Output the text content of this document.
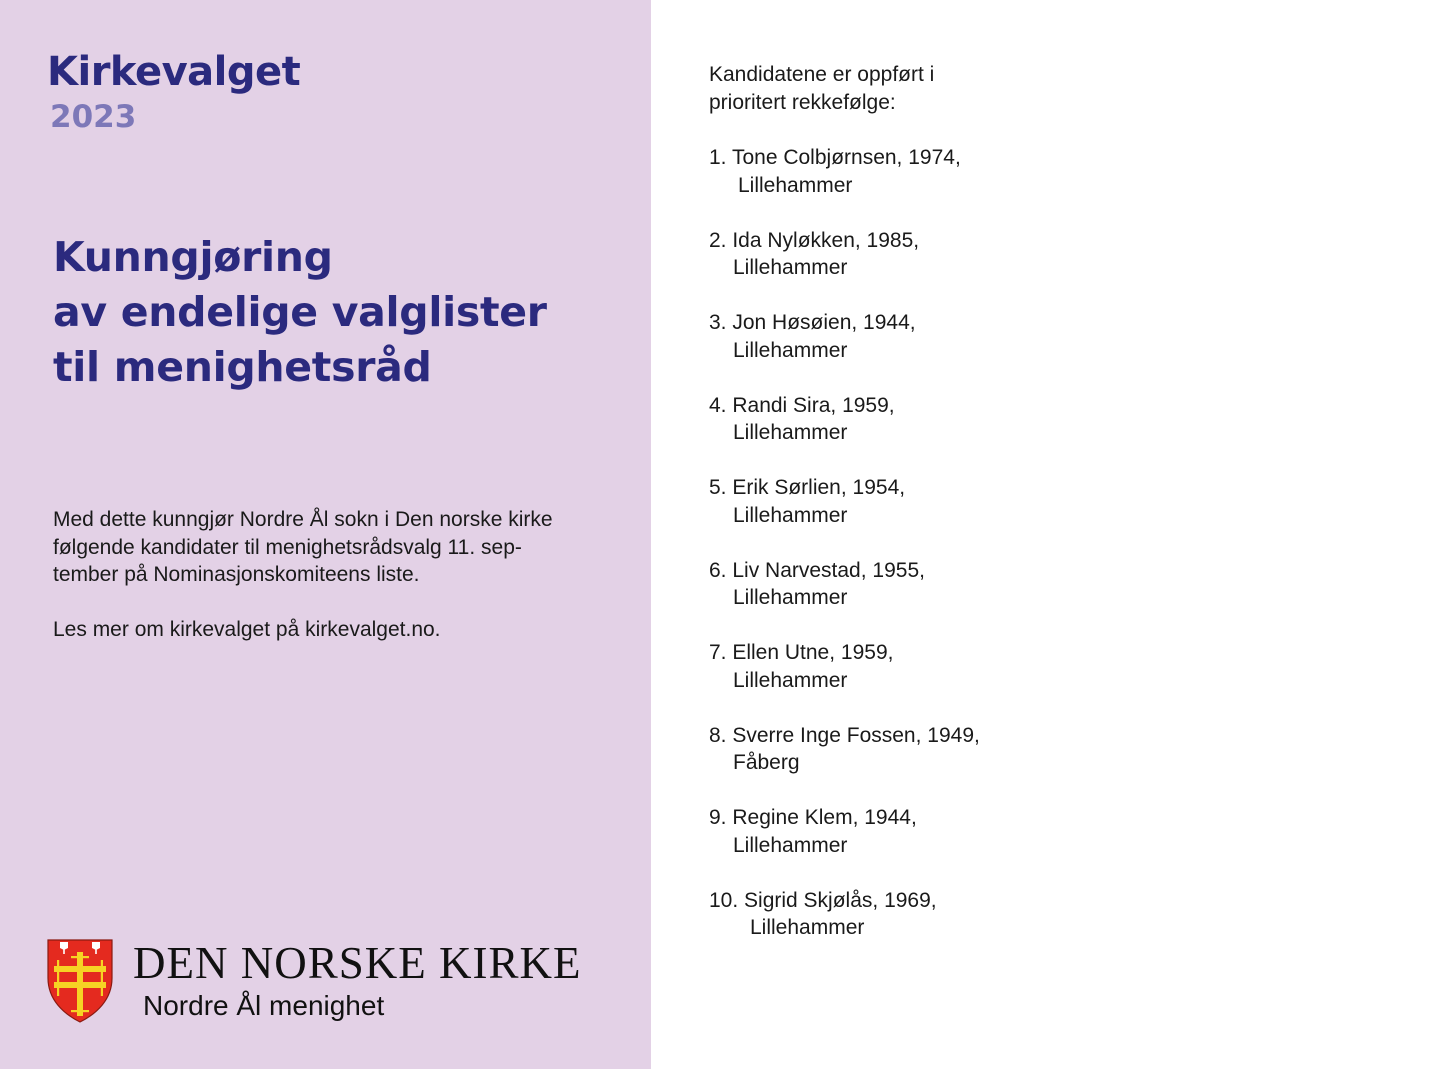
Kirkevalget
2023
Kunngjøring
av endelige valglister
til menighetsråd
Med dette kunngjør Nordre Ål sokn i Den norske kirke
følgende kandidater til menighetsrådsvalg 11. sep-
tember på Nominasjonskomiteens liste.
Les mer om kirkevalget på kirkevalget.no.
DEN NORSKE KIRKE
Nordre Ål menighet
Kandidatene er oppført i
prioritert rekkefølge:
1. Tone Colbjørnsen, 1974,
Lillehammer
2. Ida Nyløkken, 1985,
Lillehammer
3. Jon Høsøien, 1944,
Lillehammer
4. Randi Sira, 1959,
Lillehammer
5. Erik Sørlien, 1954,
Lillehammer
6. Liv Narvestad, 1955,
Lillehammer
7. Ellen Utne, 1959,
Lillehammer
8. Sverre Inge Fossen, 1949,
Fåberg
9. Regine Klem, 1944,
Lillehammer
10. Sigrid Skjølås, 1969,
Lillehammer
